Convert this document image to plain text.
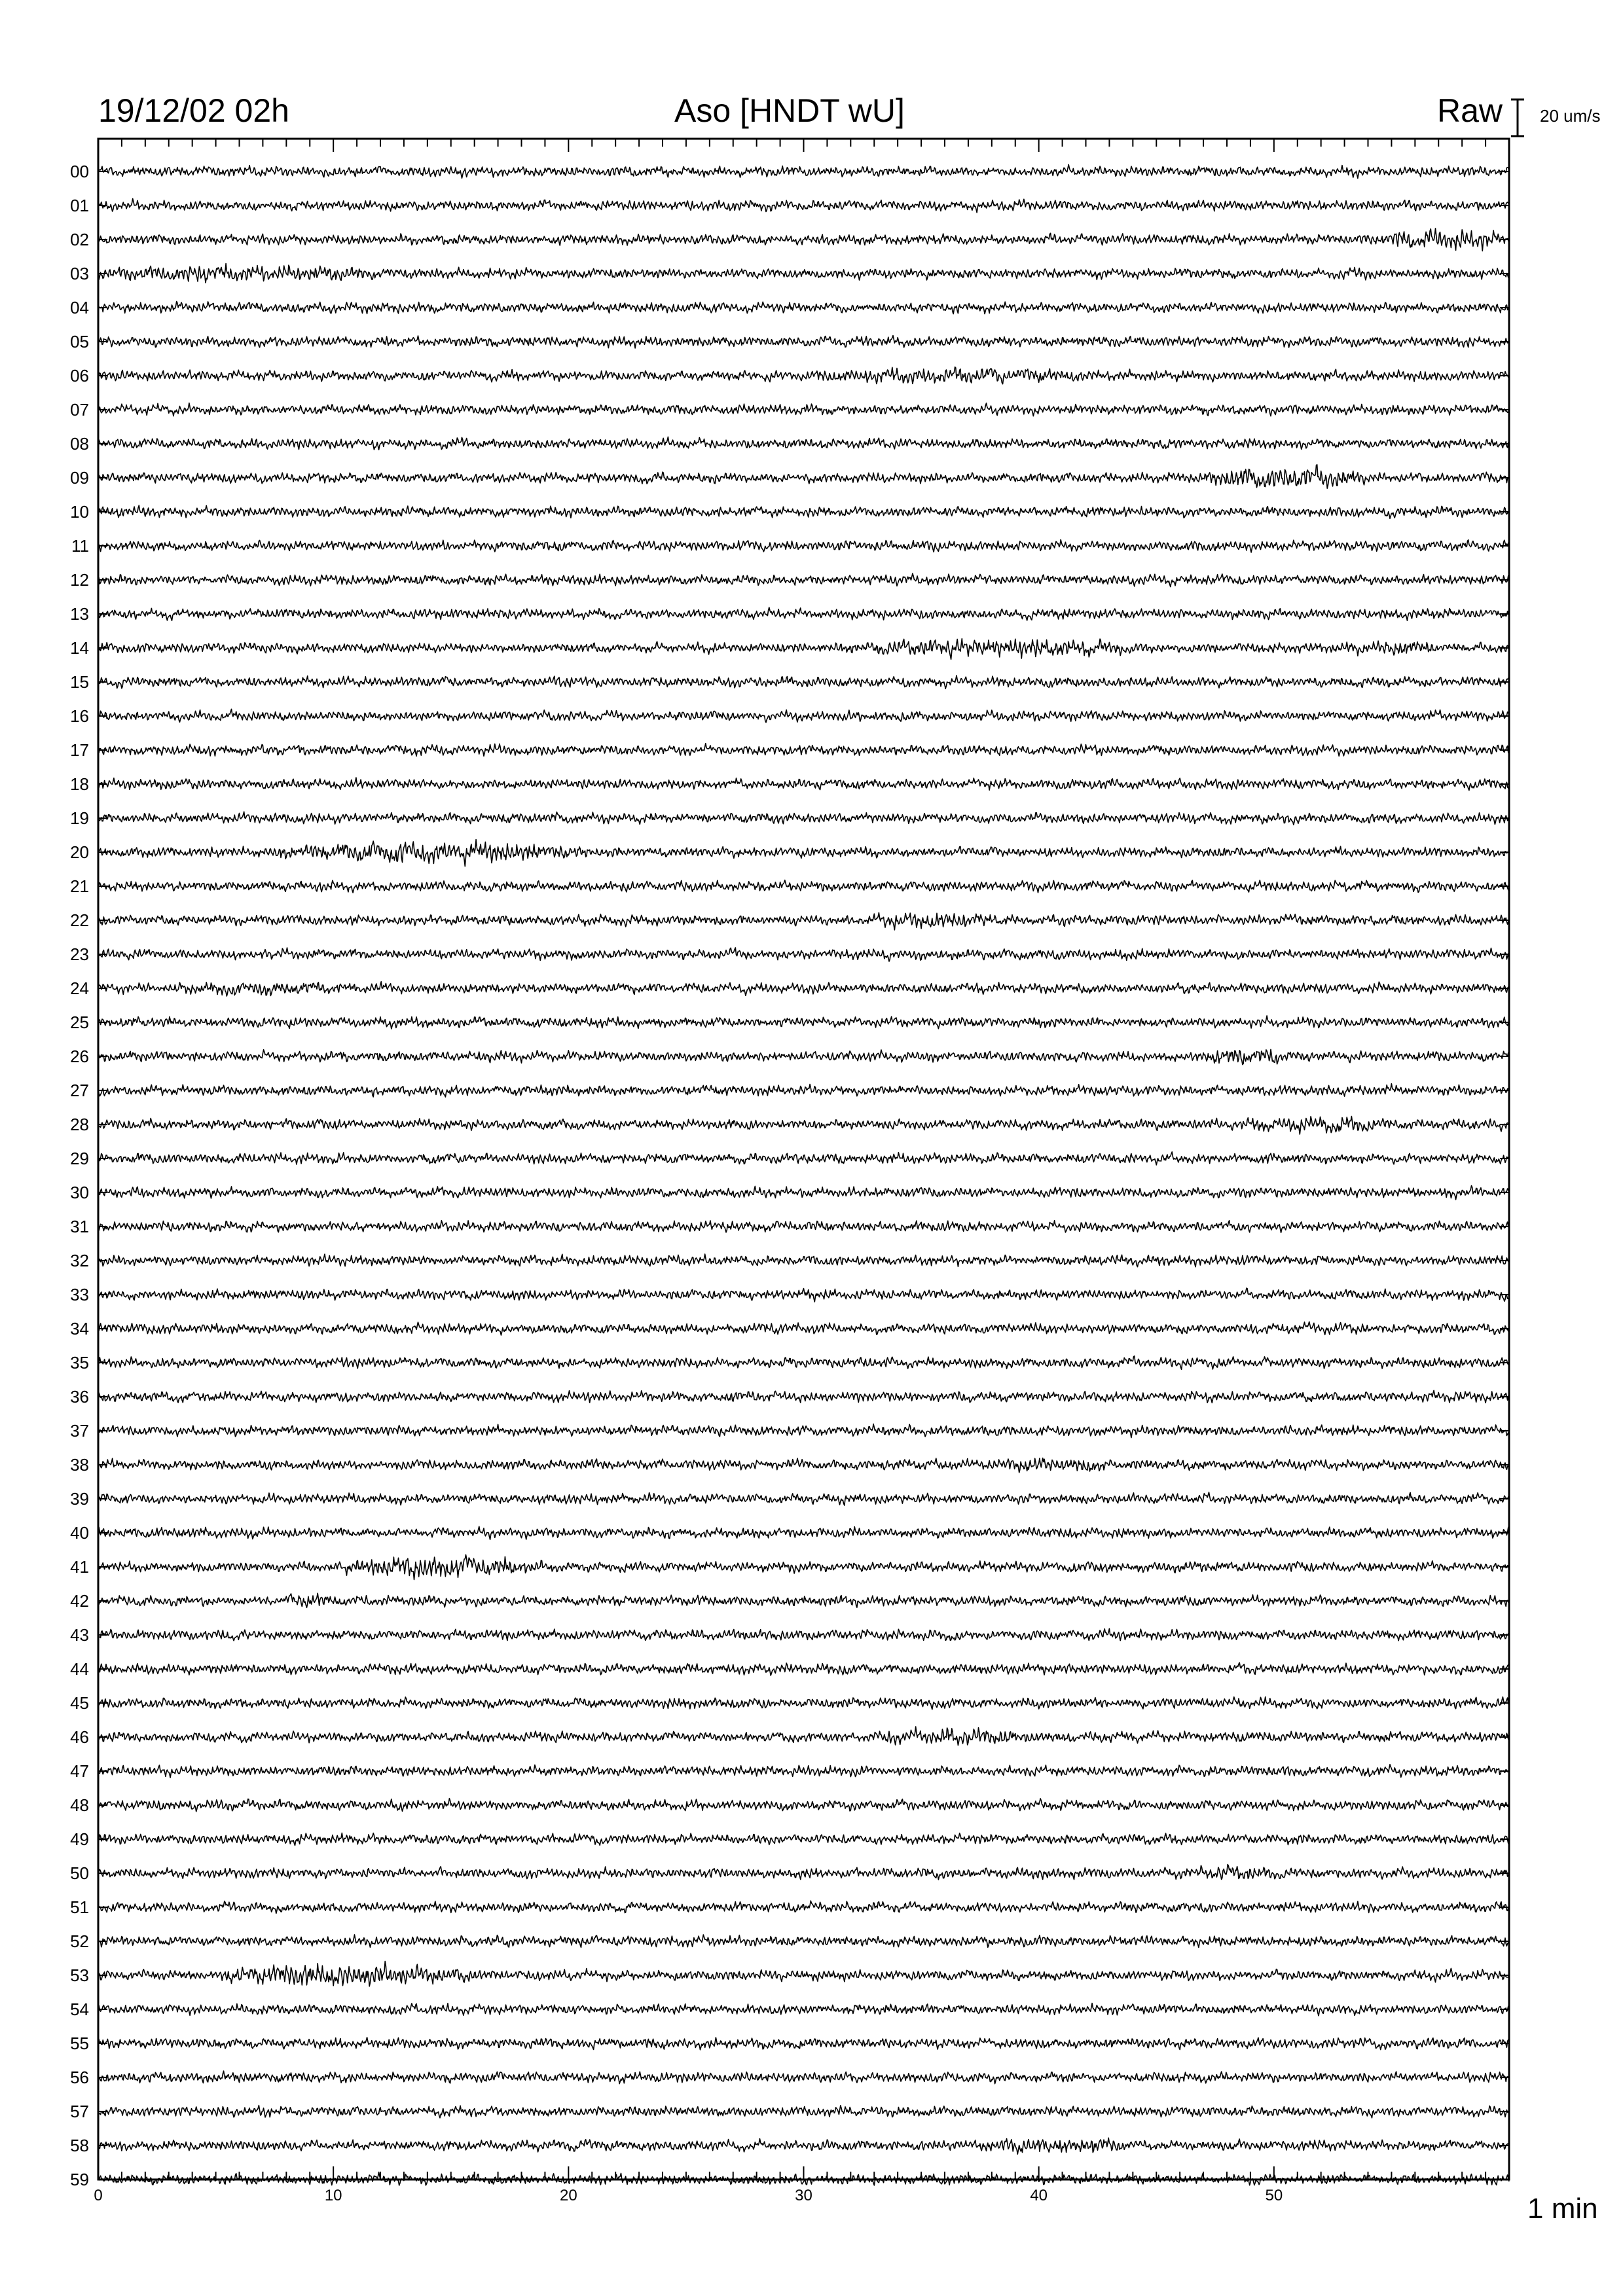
19/12/02 02h	Aso [HNDT wU]	Raw 20 um/s
1 min
00
01
02
03
04
05
06
07
08
09
10
11
12
13
14
15
16
17
18
19
20
21
22
23
24
25
26
27
28
29
30
31
32
33
34
35
36
37
38
39
40
41
42
43
44
45
46
47
48
49
50
51
52
53
54
55
56
57
58
59
0	10	20	30	40	50
